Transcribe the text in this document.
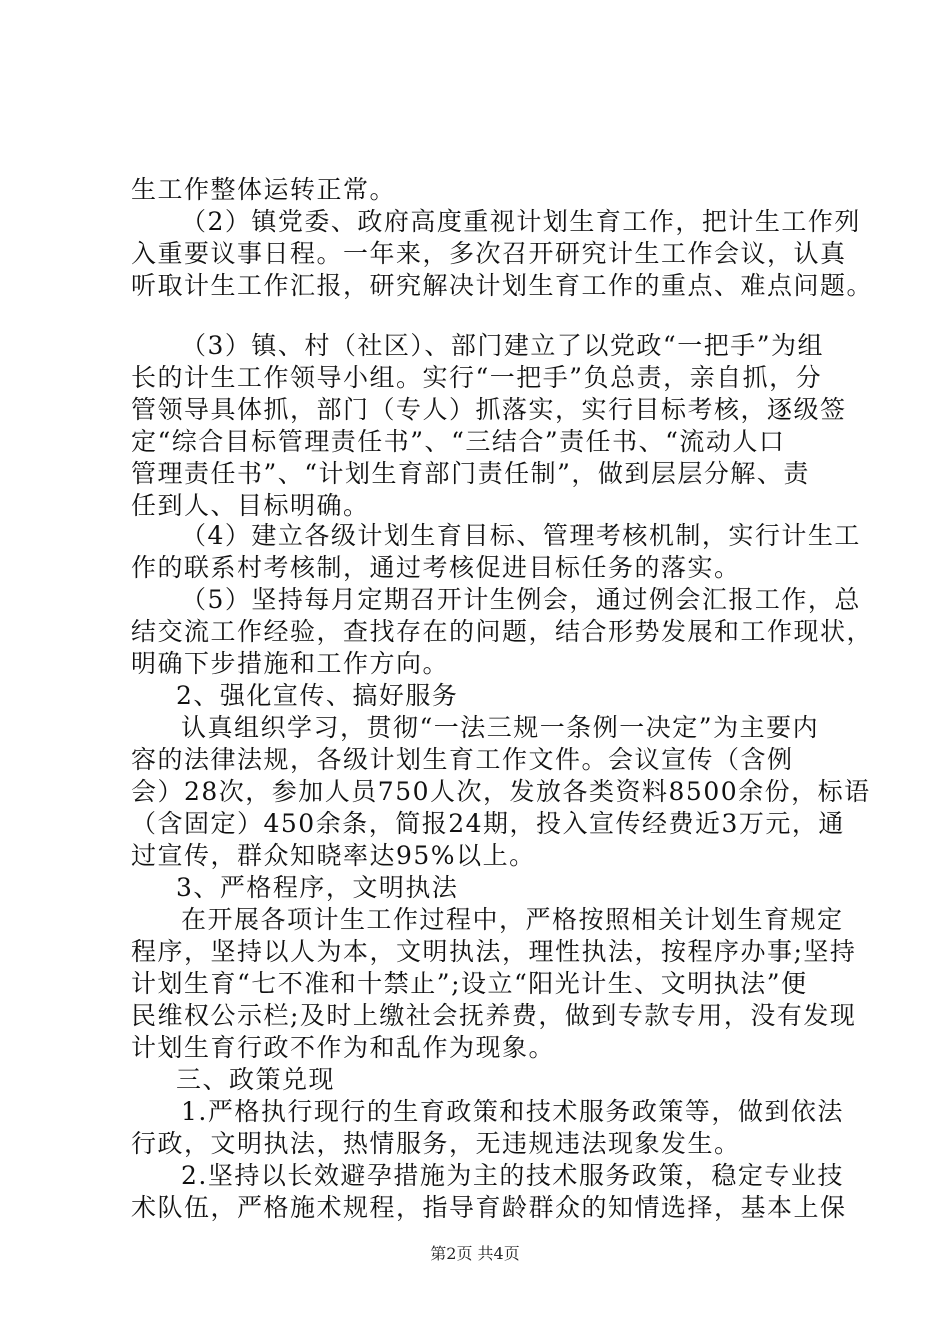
生工作整体运转正常。
（2）镇党委、政府高度重视计划生育工作，把计生工作列
入重要议事日程。一年来，多次召开研究计生工作会议，认真
听取计生工作汇报，研究解决计划生育工作的重点、难点问题。
（3）镇、村（社区）、部门建立了以党政“一把手”为组
长的计生工作领导小组。实行“一把手”负总责，亲自抓，分
管领导具体抓，部门（专人）抓落实，实行目标考核，逐级签
定“综合目标管理责任书”、“三结合”责任书、“流动人口
管理责任书”、“计划生育部门责任制”，做到层层分解、责
任到人、目标明确。
（4）建立各级计划生育目标、管理考核机制，实行计生工
作的联系村考核制，通过考核促进目标任务的落实。
（5）坚持每月定期召开计生例会，通过例会汇报工作，总
结交流工作经验，查找存在的问题，结合形势发展和工作现状，
明确下步措施和工作方向。
2、强化宣传、搞好服务
认真组织学习，贯彻“一法三规一条例一决定”为主要内
容的法律法规，各级计划生育工作文件。会议宣传（含例
会）28次，参加人员750人次，发放各类资料8500余份，标语
（含固定）450余条，简报24期，投入宣传经费近3万元，通
过宣传，群众知晓率达95%以上。
3、严格程序，文明执法
在开展各项计生工作过程中，严格按照相关计划生育规定
程序，坚持以人为本，文明执法，理性执法，按程序办事;坚持
计划生育“七不准和十禁止”;设立“阳光计生、文明执法”便
民维权公示栏;及时上缴社会抚养费，做到专款专用，没有发现
计划生育行政不作为和乱作为现象。
三、政策兑现
1.严格执行现行的生育政策和技术服务政策等，做到依法
行政，文明执法，热情服务，无违规违法现象发生。
2.坚持以长效避孕措施为主的技术服务政策，稳定专业技
术队伍，严格施术规程，指导育龄群众的知情选择，基本上保
第2页 共4页
